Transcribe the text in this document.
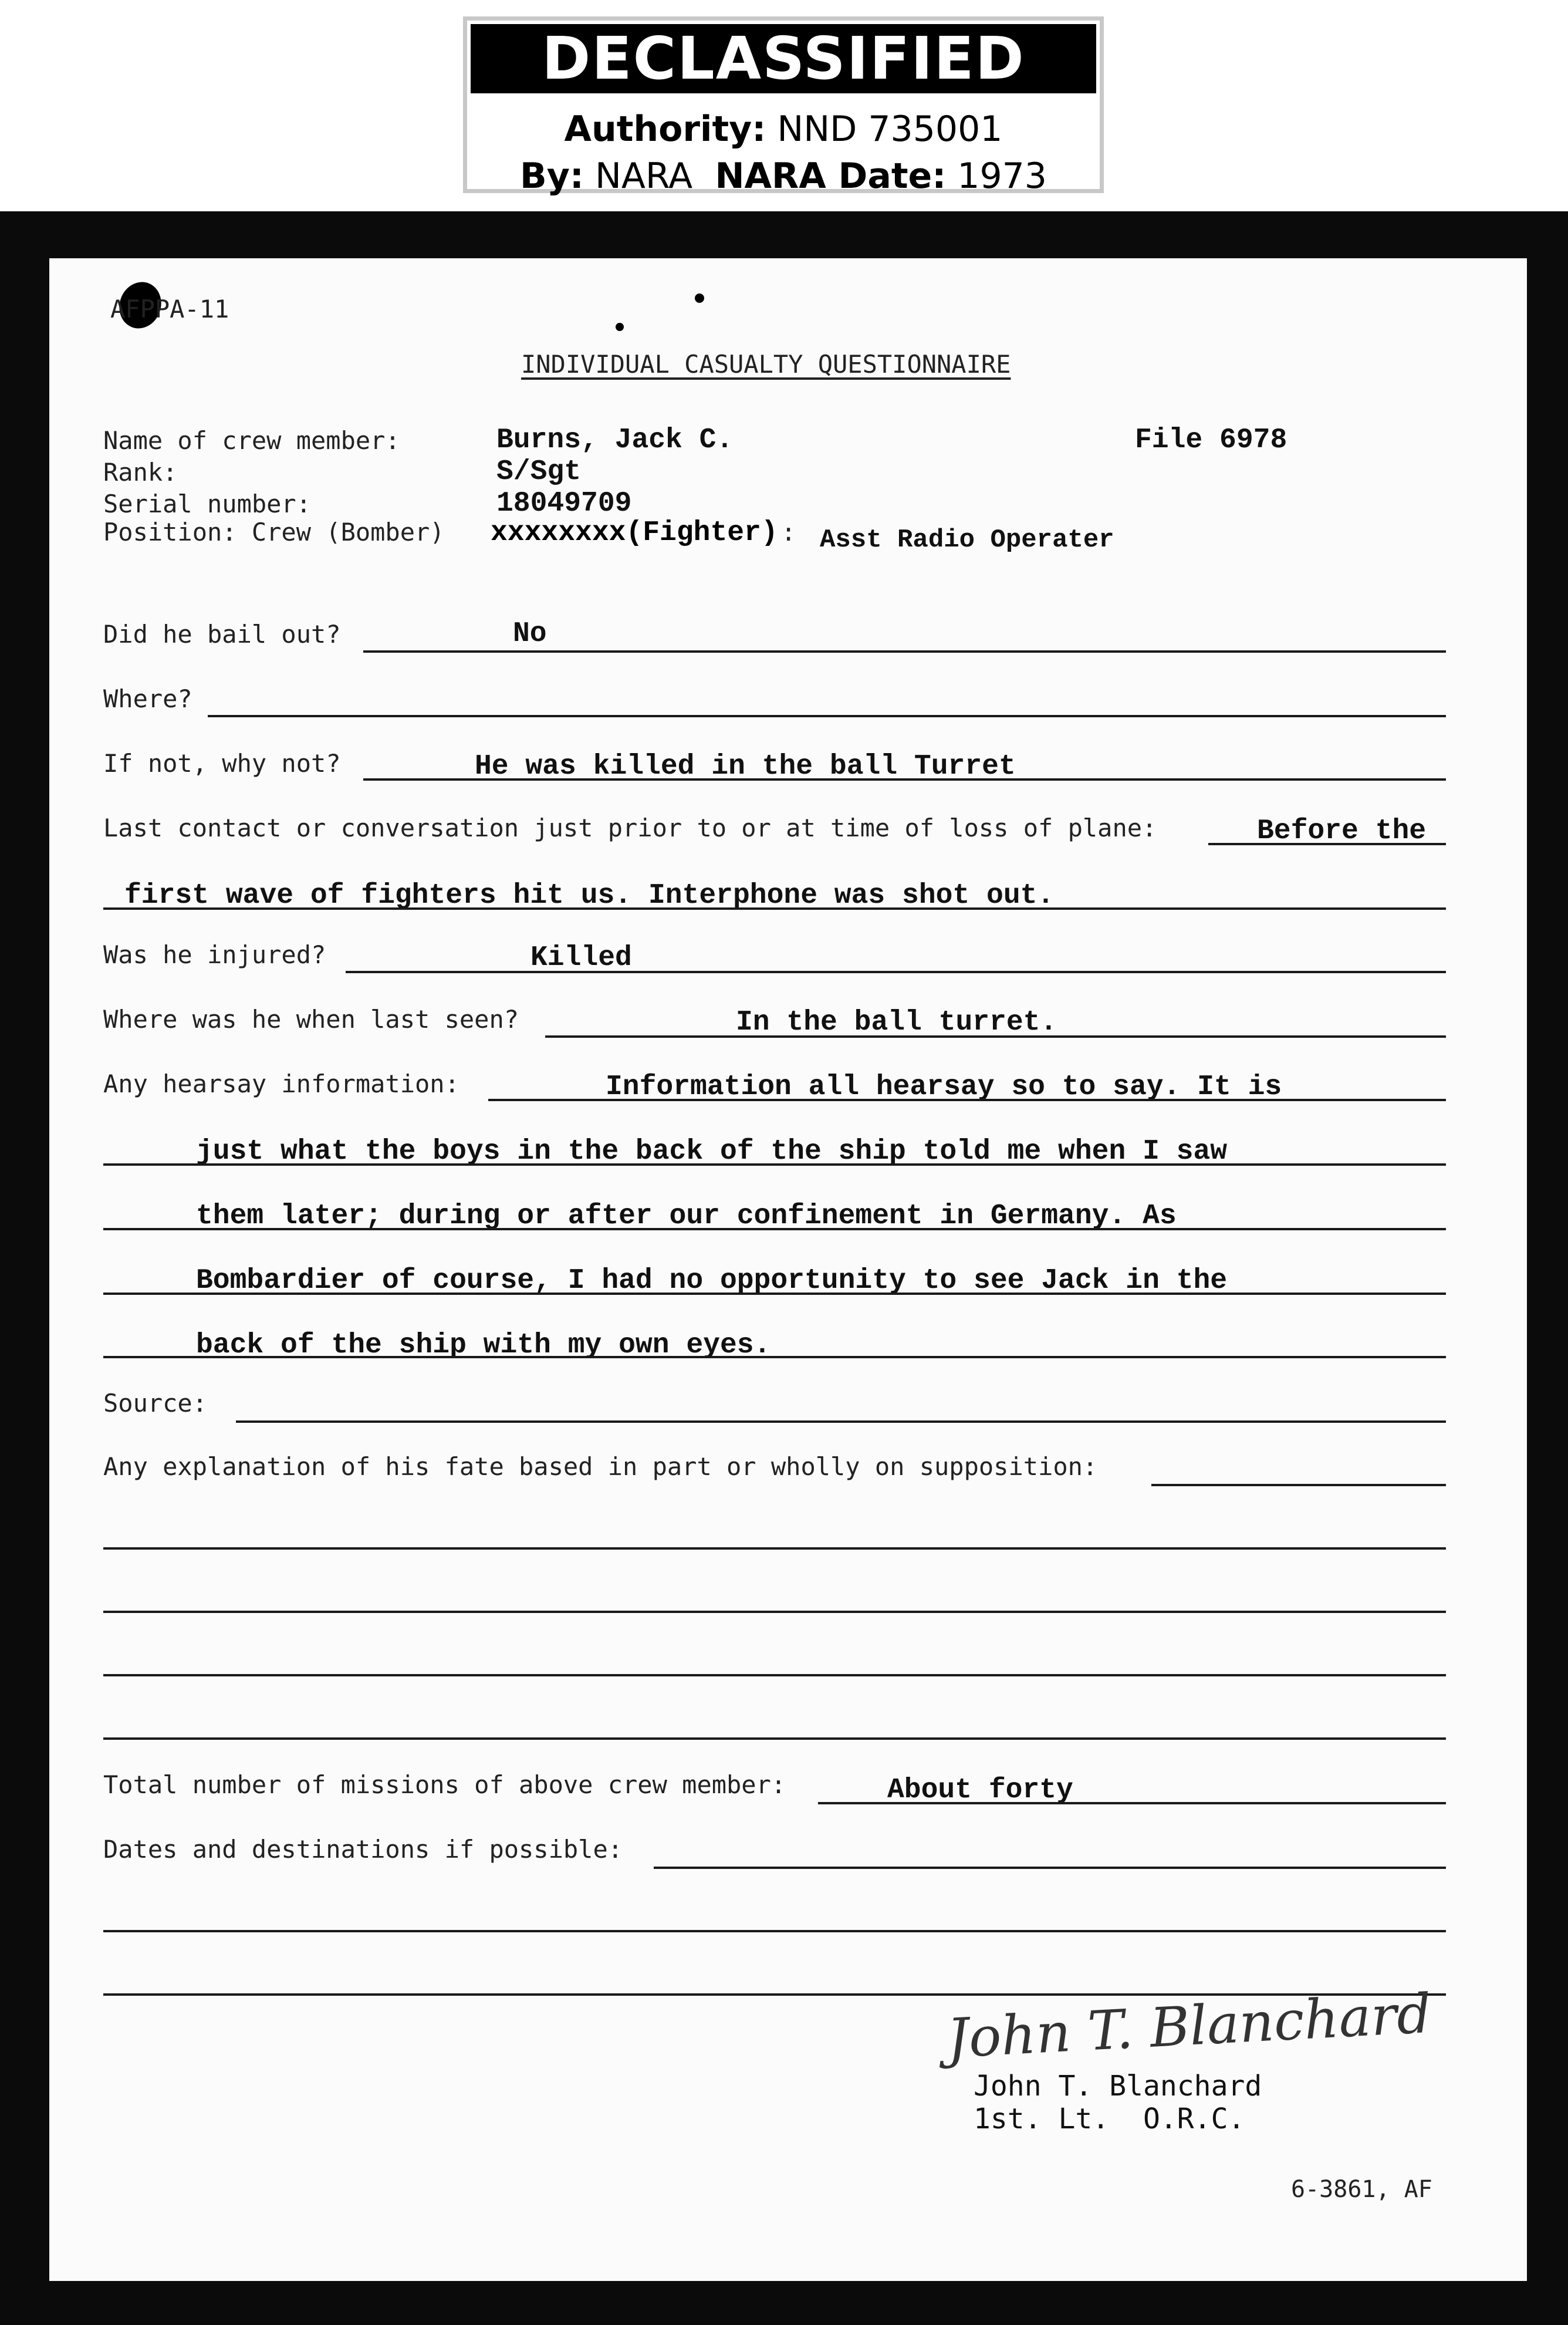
DECLASSIFIED
Authority: NND 735001
By: NARA NARA Date: 1973
AFPPA-11
INDIVIDUAL CASUALTY QUESTIONNAIRE
Name of crew member:	Burns, Jack C.	File 6978
Rank:	S/Sgt
Serial number:	18049709
Position: Crew (Bomber) xxxxxxxx(Fighter) : Asst Radio Operater
Did he bail out?	No
Where?
If not, why not?	He was killed in the ball Turret
Last contact or conversation just prior to or at time of loss of plane:	Before the
first wave of fighters hit us. Interphone was shot out.
Was he injured?	Killed
Where was he when last seen?	In the ball turret.
Any hearsay information:	Information all hearsay so to say. It is
just what the boys in the back of the ship told me when I saw
them later; during or after our confinement in Germany. As
Bombardier of course, I had no opportunity to see Jack in the
back of the ship with my own eyes.
Source:
Any explanation of his fate based in part or wholly on supposition:
Total number of missions of above crew member:	About forty
Dates and destinations if possible:
John T. Blanchard
John T. Blanchard
1st. Lt.  O.R.C.
6-3861, AF
